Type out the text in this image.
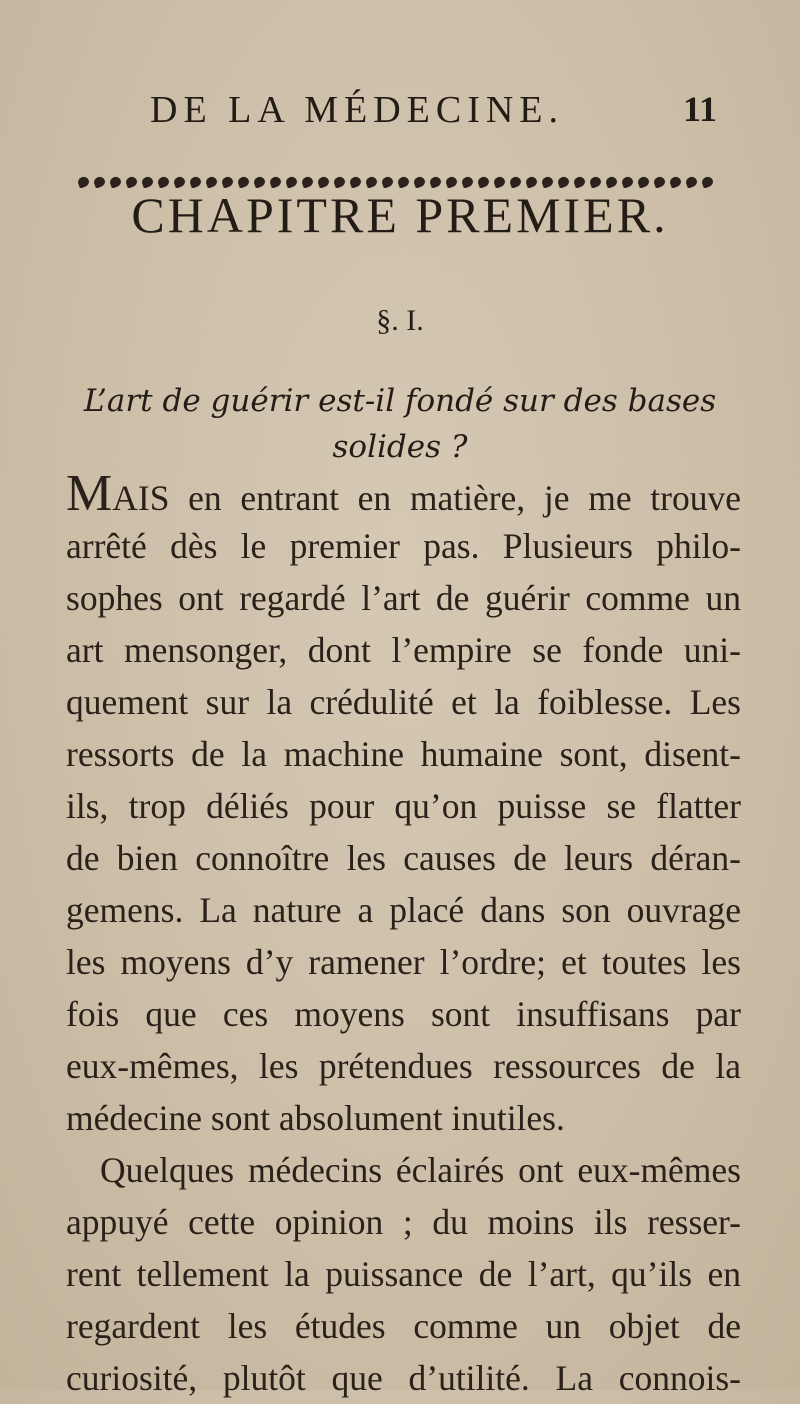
DE LA MÉDECINE.	11
CHAPITRE PREMIER.
§. I.
L’art de guérir est-il fondé sur des bases
solides ?
MAIS en entrant en matière, je me trouve
arrêté dès le premier pas. Plusieurs philo-
sophes ont regardé l’art de guérir comme un
art mensonger, dont l’empire se fonde uni-
quement sur la crédulité et la foiblesse. Les
ressorts de la machine humaine sont, disent-
ils, trop déliés pour qu’on puisse se flatter
de bien connoître les causes de leurs déran-
gemens. La nature a placé dans son ouvrage
les moyens d’y ramener l’ordre; et toutes les
fois que ces moyens sont insuffisans par
eux-mêmes, les prétendues ressources de la
médecine sont absolument inutiles.
Quelques médecins éclairés ont eux-mêmes
appuyé cette opinion ; du moins ils resser-
rent tellement la puissance de l’art, qu’ils en
regardent les études comme un objet de
curiosité, plutôt que d’utilité. La connois-
